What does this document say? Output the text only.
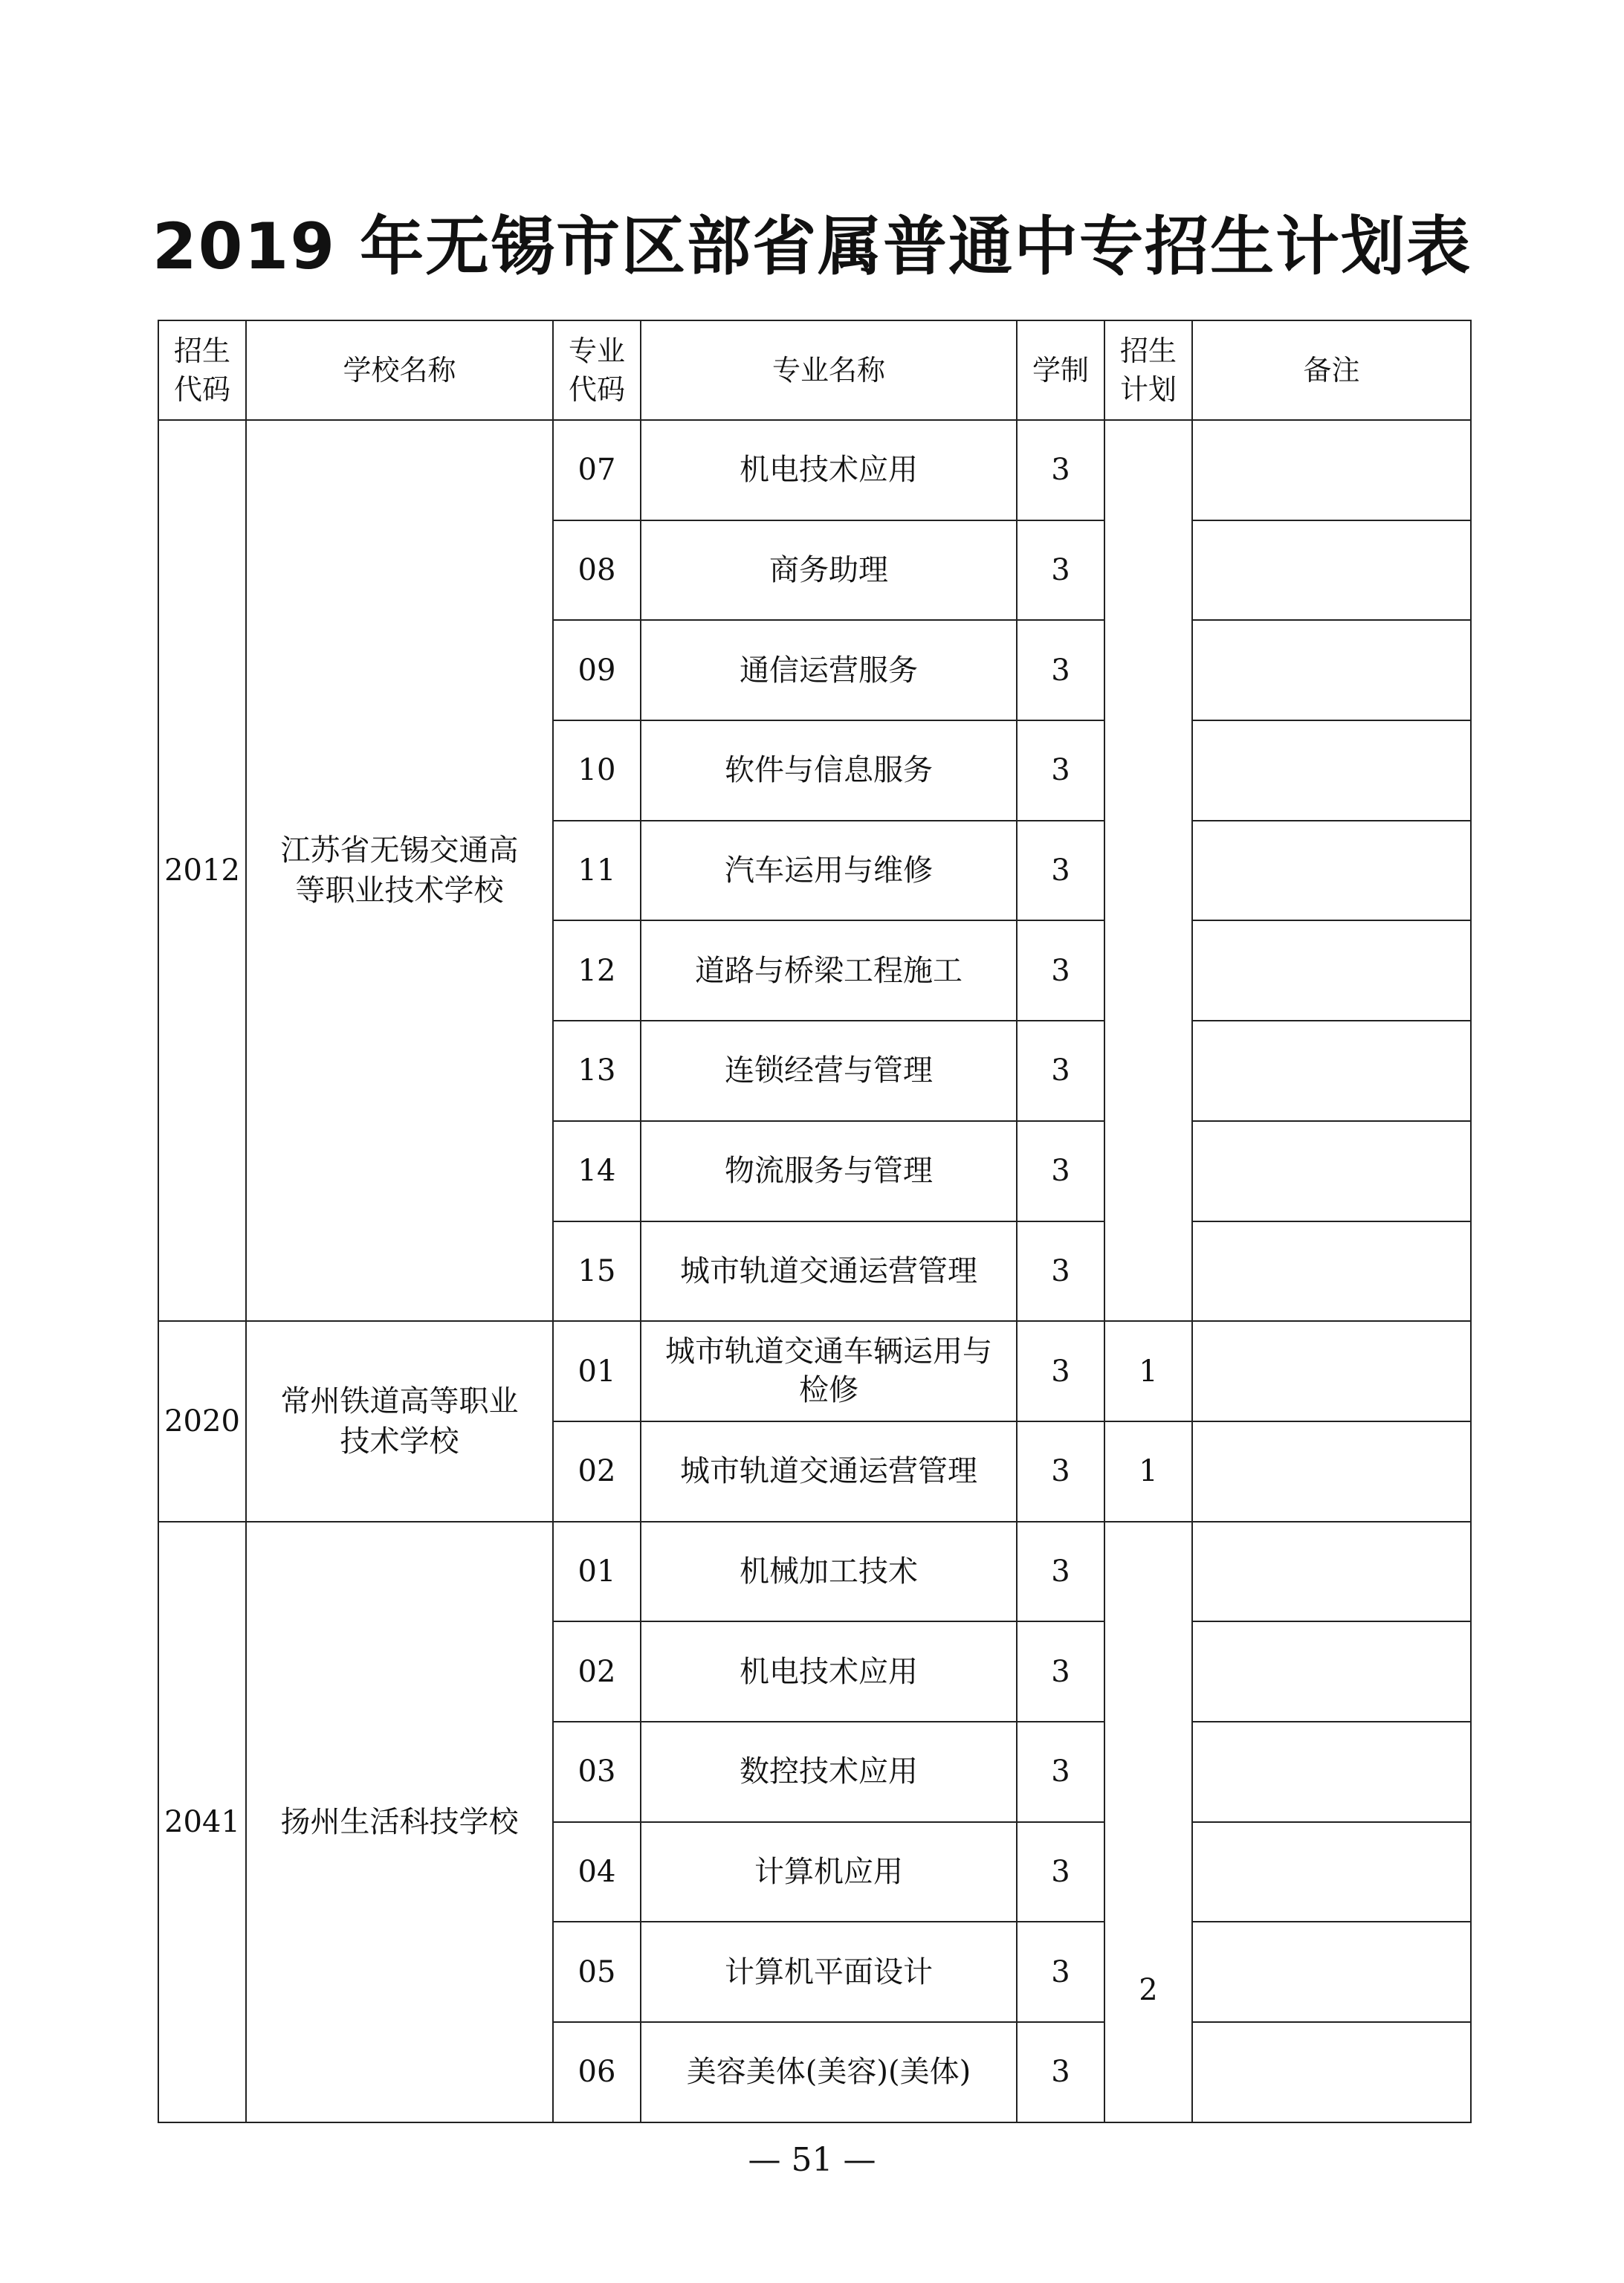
2019 年无锡市区部省属普通中专招生计划表
招生代码	学校名称	专业代码	专业名称	学制	招生计划	备注
2012	江苏省无锡交通高等职业技术学校	07	机电技术应用	3		
		08	商务助理	3		
		09	通信运营服务	3		
		10	软件与信息服务	3		
		11	汽车运用与维修	3		
		12	道路与桥梁工程施工	3		
		13	连锁经营与管理	3		
		14	物流服务与管理	3		
		15	城市轨道交通运营管理	3		
2020	常州铁道高等职业技术学校	01	城市轨道交通车辆运用与检修	3	1	
		02	城市轨道交通运营管理	3	1	
2041	扬州生活科技学校	01	机械加工技术	3	2	
		02	机电技术应用	3		
		03	数控技术应用	3		
		04	计算机应用	3		
		05	计算机平面设计	3		
		06	美容美体(美容)(美体)	3		
— 51 —
